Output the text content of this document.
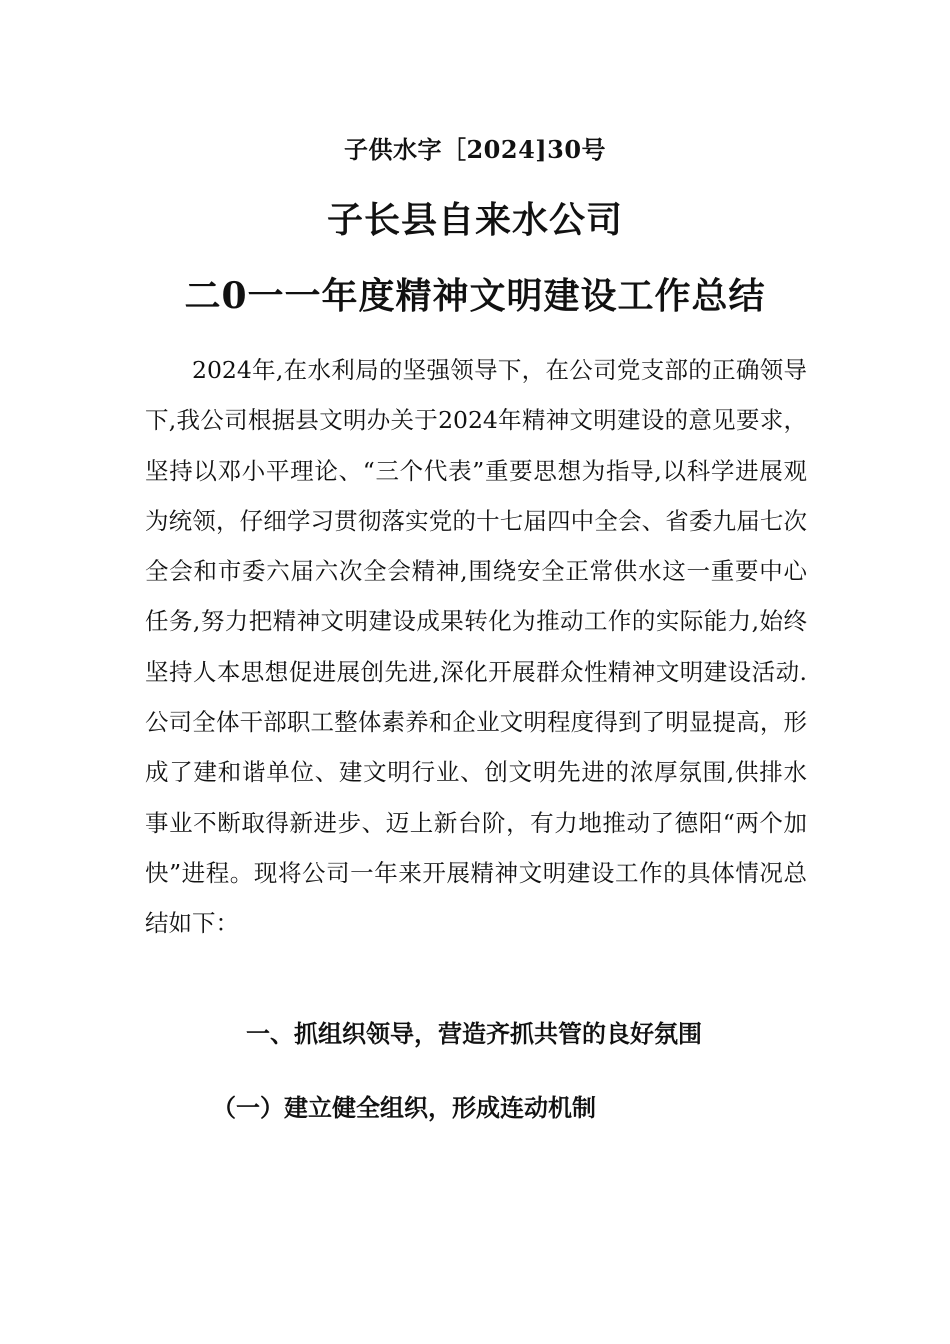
子供水字［2024]30号
子长县自来水公司
二0一一年度精神文明建设工作总结
2024年,在水利局的坚强领导下，在公司党支部的正确领导下,我公司根据县文明办关于2024年精神文明建设的意见要求，坚持以邓小平理论、“三个代表”重要思想为指导,以科学进展观为统领，仔细学习贯彻落实党的十七届四中全会、省委九届七次全会和市委六届六次全会精神,围绕安全正常供水这一重要中心任务,努力把精神文明建设成果转化为推动工作的实际能力,始终坚持人本思想促进展创先进,深化开展群众性精神文明建设活动.公司全体干部职工整体素养和企业文明程度得到了明显提高，形成了建和谐单位、建文明行业、创文明先进的浓厚氛围,供排水事业不断取得新进步、迈上新台阶，有力地推动了德阳“两个加快”进程。现将公司一年来开展精神文明建设工作的具体情况总结如下：
一、抓组织领导，营造齐抓共管的良好氛围
（一）建立健全组织，形成连动机制
